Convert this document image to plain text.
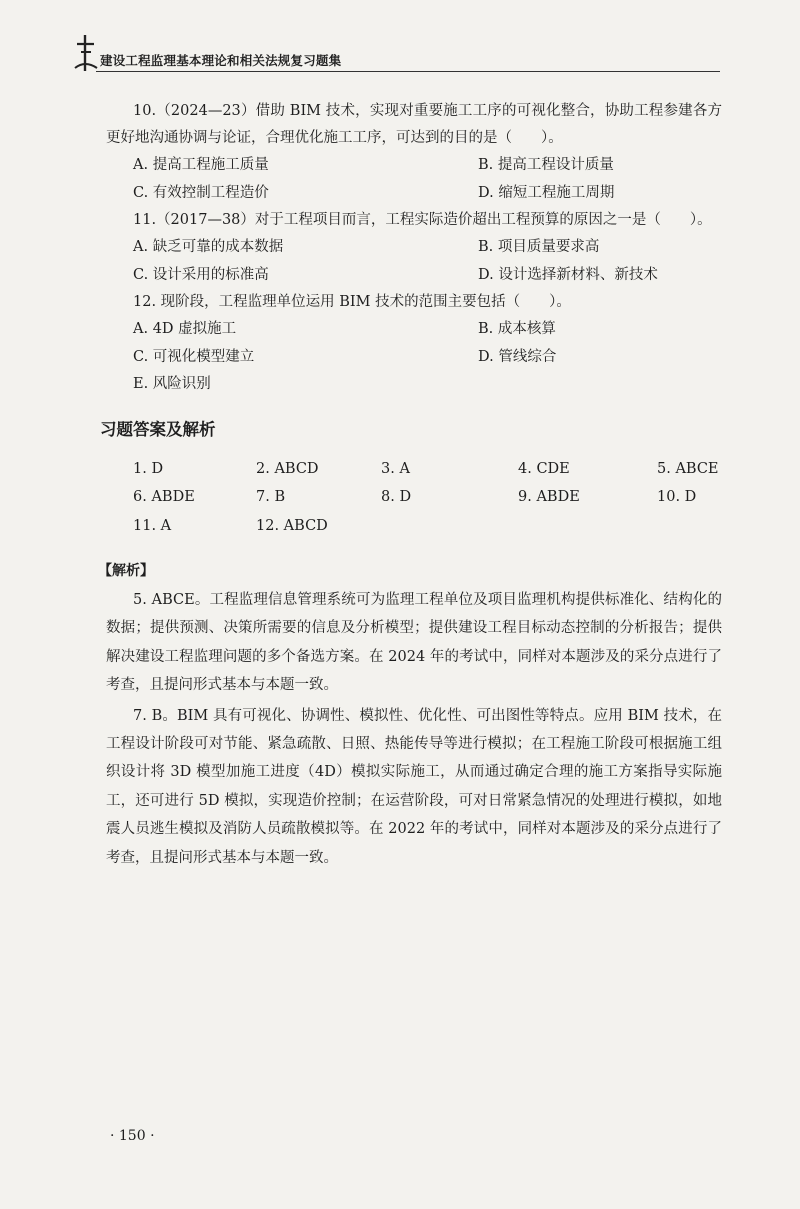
建设工程监理基本理论和相关法规复习题集

10.（2024—23）借助 BIM 技术，实现对重要施工工序的可视化整合，协助工程参建各方更好地沟通协调与论证，合理优化施工工序，可达到的目的是（　　）。

A. 提高工程施工质量	B. 提高工程设计质量
C. 有效控制工程造价	D. 缩短工程施工周期

11.（2017—38）对于工程项目而言，工程实际造价超出工程预算的原因之一是（　　）。

A. 缺乏可靠的成本数据	B. 项目质量要求高
C. 设计采用的标准高	D. 设计选择新材料、新技术

12. 现阶段，工程监理单位运用 BIM 技术的范围主要包括（　　）。

A. 4D 虚拟施工	B. 成本核算
C. 可视化模型建立	D. 管线综合
E. 风险识别
习题答案及解析
1. D	2. ABCD	3. A	4. CDE	5. ABCE
6. ABDE	7. B	8. D	9. ABDE	10. D
11. A	12. ABCD
【解析】

5. ABCE。工程监理信息管理系统可为监理工程单位及项目监理机构提供标准化、结构化的数据；提供预测、决策所需要的信息及分析模型；提供建设工程目标动态控制的分析报告；提供解决建设工程监理问题的多个备选方案。在 2024 年的考试中，同样对本题涉及的采分点进行了考查，且提问形式基本与本题一致。

7. B。BIM 具有可视化、协调性、模拟性、优化性、可出图性等特点。应用 BIM 技术，在工程设计阶段可对节能、紧急疏散、日照、热能传导等进行模拟；在工程施工阶段可根据施工组织设计将 3D 模型加施工进度（4D）模拟实际施工，从而通过确定合理的施工方案指导实际施工，还可进行 5D 模拟，实现造价控制；在运营阶段，可对日常紧急情况的处理进行模拟，如地震人员逃生模拟及消防人员疏散模拟等。在 2022 年的考试中，同样对本题涉及的采分点进行了考查，且提问形式基本与本题一致。

· 150 ·
